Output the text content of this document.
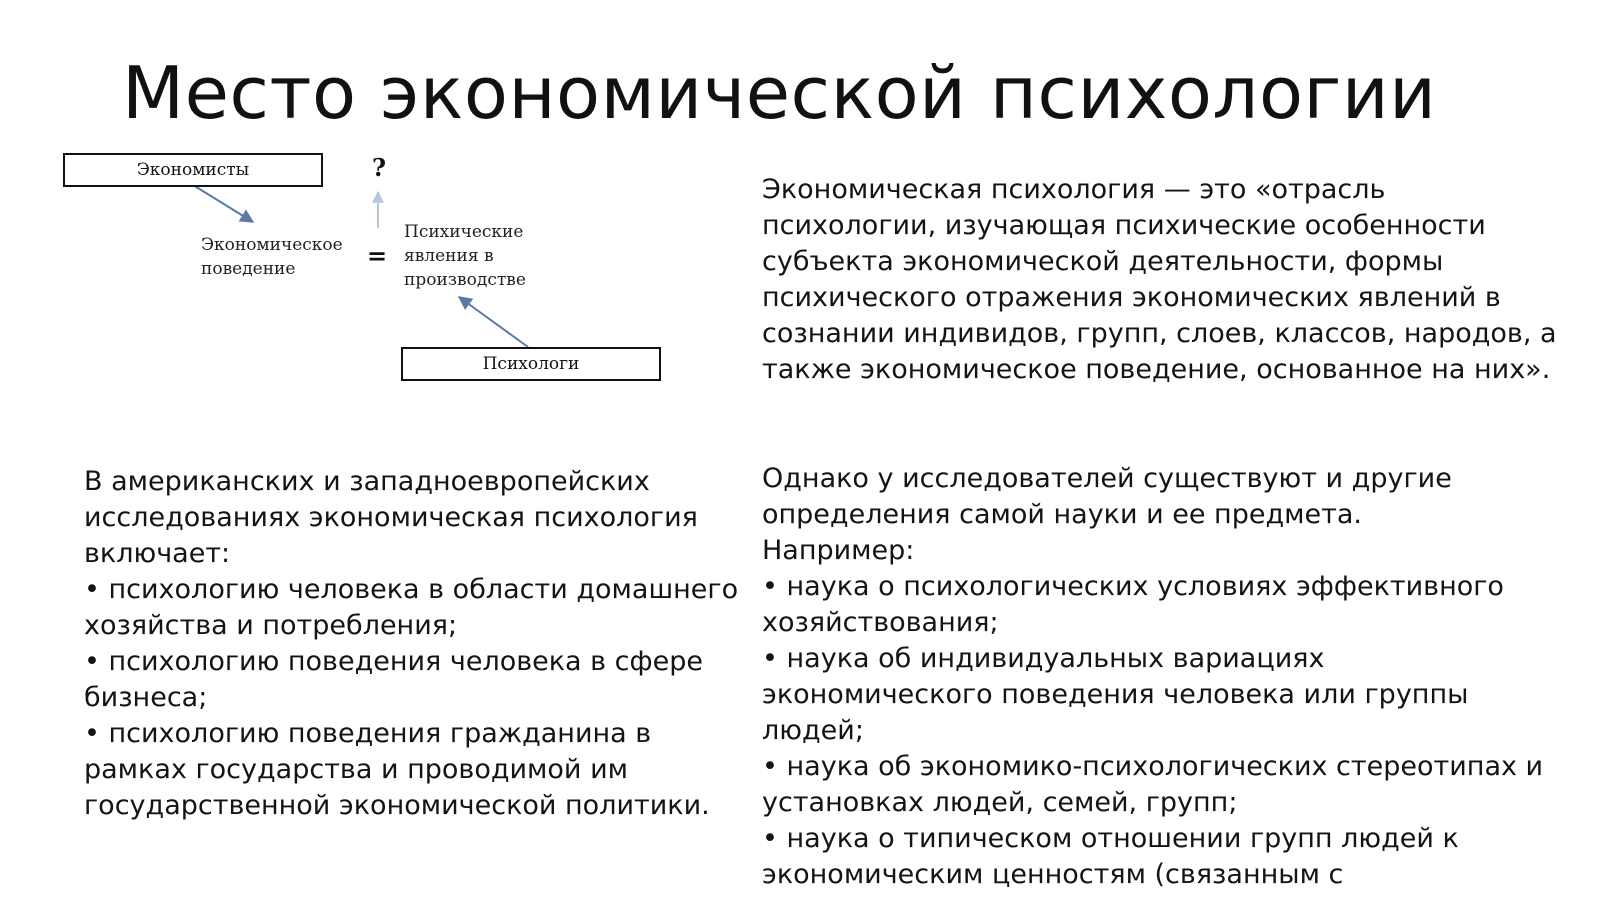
Место экономической психологии
Экономисты
Психологи
Экономическое
поведение	=
Психические
явления в
производстве
?

Экономическая психология — это «отрасль психологии, изучающая психические особенности субъекта экономической деятельности, формы психического отражения экономических явлений в сознании индивидов, групп, слоев, классов, народов, а также экономическое поведение, основанное на них».

В американских и западноевропейских исследованиях экономическая психология включает:

• психологию человека в области домашнего хозяйства и потребления;
• психологию поведения человека в сфере бизнеса;
• психологию поведения гражданина в рамках государства и проводимой им государственной экономической политики.

Однако у исследователей существуют и другие определения самой науки и ее предмета.

Например:

• наука о психологических условиях эффективного хозяйствования;
• наука об индивидуальных вариациях экономического поведения человека или группы людей;
• наука об экономико-психологических стереотипах и установках людей, семей, групп;
• наука о типическом отношении групп людей к экономическим ценностям (связанным с
